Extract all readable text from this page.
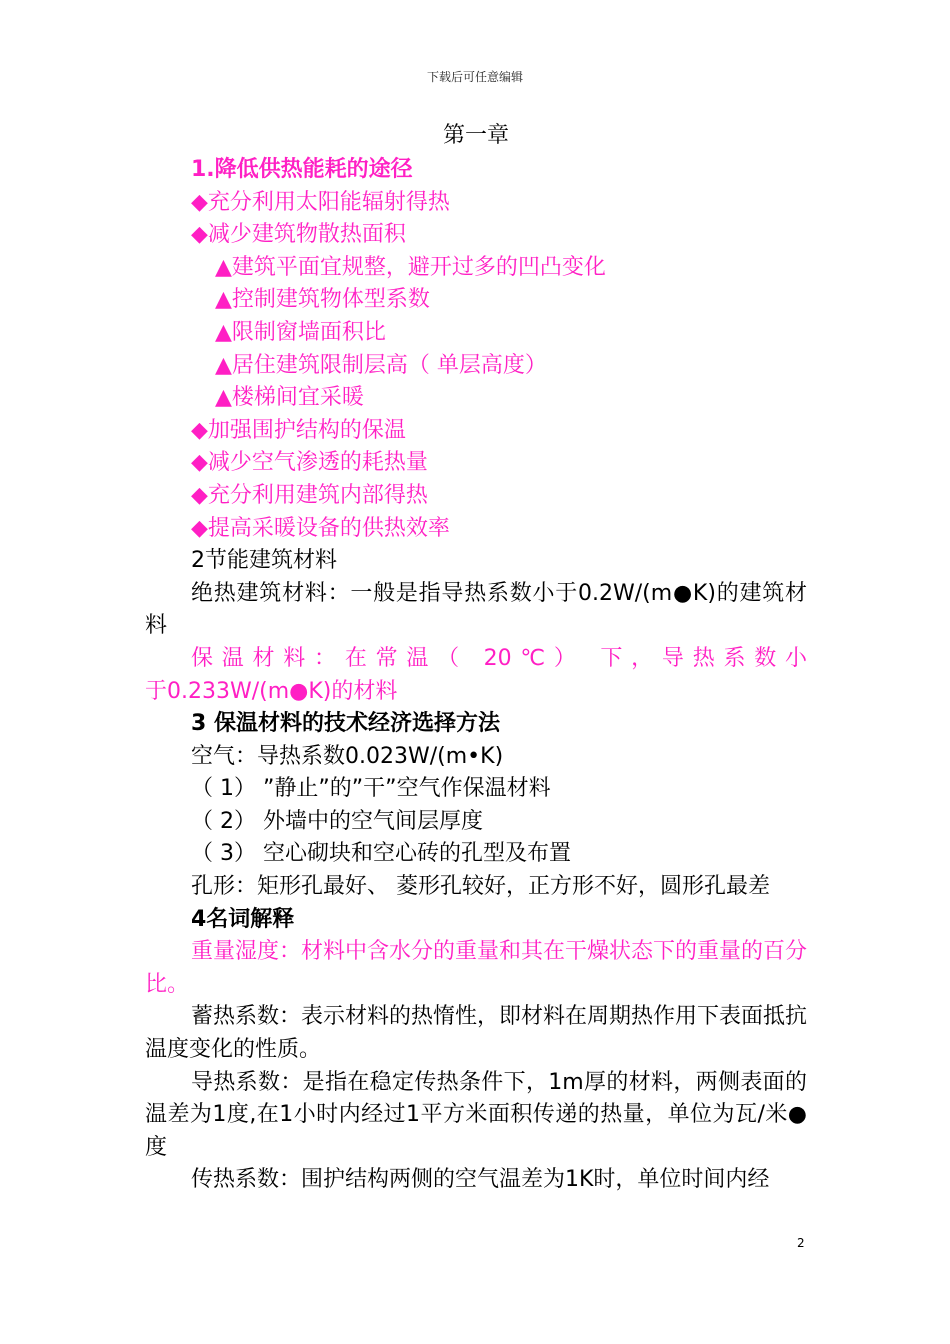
下载后可任意编辑
第一章
1.降低供热能耗的途径
◆充分利用太阳能辐射得热
◆减少建筑物散热面积
▲建筑平面宜规整，避开过多的凹凸变化
▲控制建筑物体型系数
▲限制窗墙面积比
▲居住建筑限制层高（ 单层高度）
▲楼梯间宜采暖
◆加强围护结构的保温
◆减少空气渗透的耗热量
◆充分利用建筑内部得热
◆提高采暖设备的供热效率
2节能建筑材料
绝热建筑材料：一般是指导热系数小于0.2W/(m●K)的建筑材料
保温材料：在常温（ 20℃） 下，导热系数小
于0.233W/(m●K)的材料
3 保温材料的技术经济选择方法
空气：导热系数0.023W/(m•K)
（ 1） ”静止”的”干”空气作保温材料
（ 2） 外墙中的空气间层厚度
（ 3） 空心砌块和空心砖的孔型及布置
孔形：矩形孔最好、 菱形孔较好，正方形不好，圆形孔最差
4名词解释
重量湿度：材料中含水分的重量和其在干燥状态下的重量的百分比。
蓄热系数：表示材料的热惰性，即材料在周期热作用下表面抵抗温度变化的性质。
导热系数：是指在稳定传热条件下，1m厚的材料，两侧表面的温差为1度,在1小时内经过1平方米面积传递的热量，单位为瓦/米●度
传热系数：围护结构两侧的空气温差为1K时，单位时间内经
2
